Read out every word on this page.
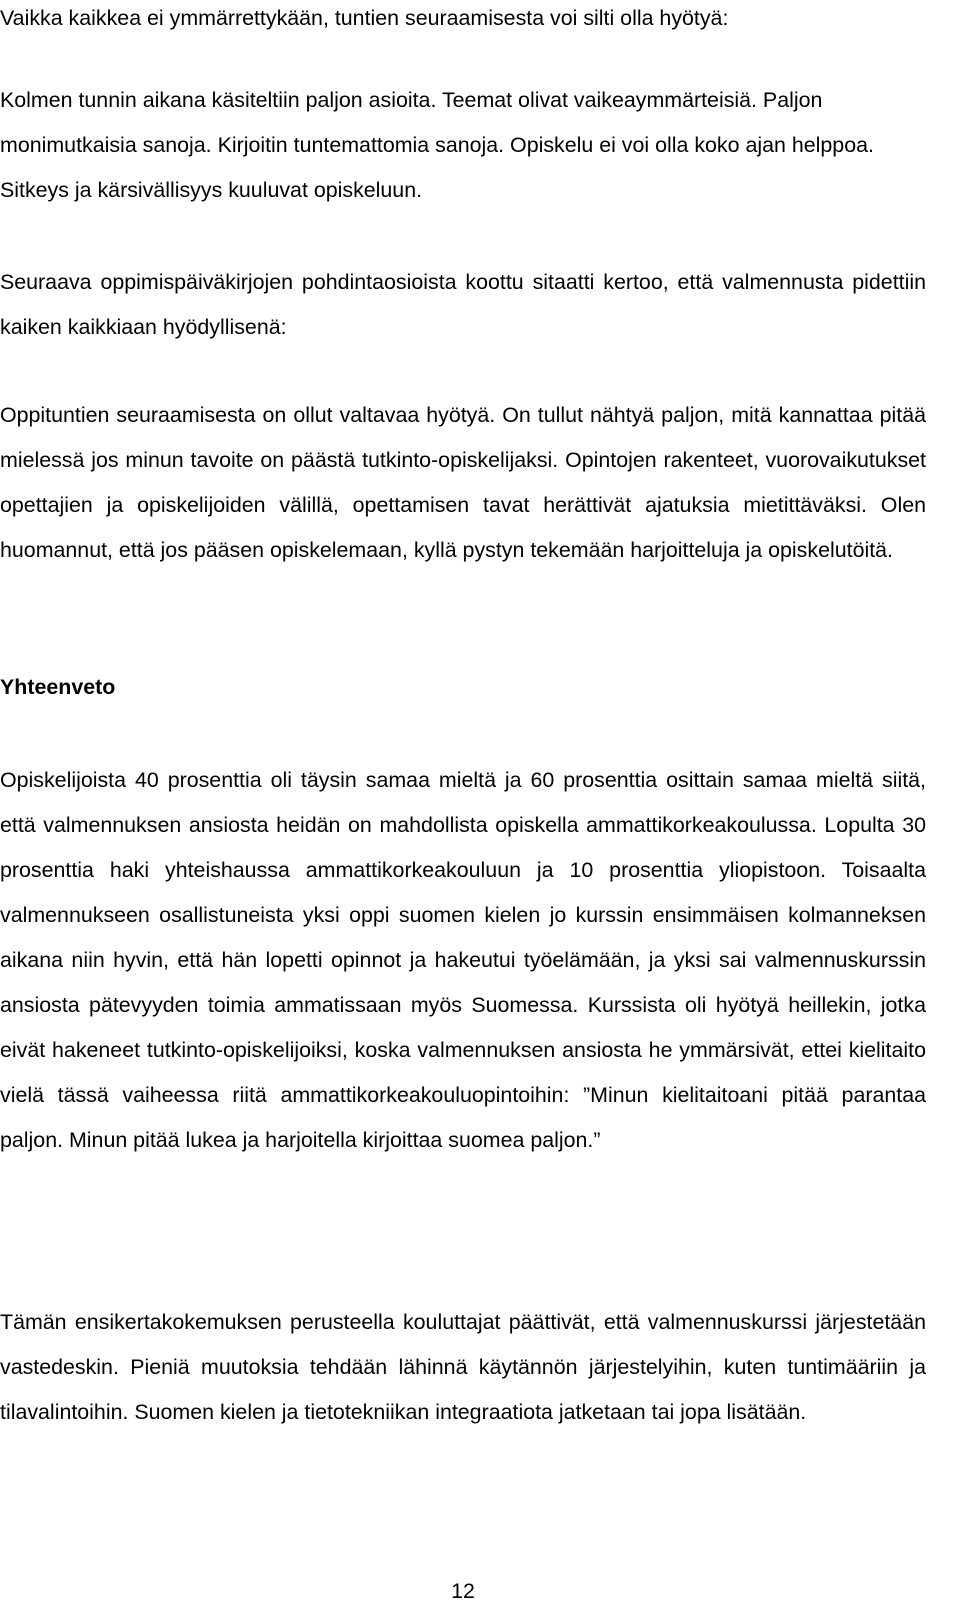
Vaikka kaikkea ei ymmärrettykään, tuntien seuraamisesta voi silti olla hyötyä:

Kolmen tunnin aikana käsiteltiin paljon asioita. Teemat olivat vaikeaymmärteisiä. Paljon monimutkaisia sanoja. Kirjoitin tuntemattomia sanoja. Opiskelu ei voi olla koko ajan helppoa. Sitkeys ja kärsivällisyys kuuluvat opiskeluun.

Seuraava oppimispäiväkirjojen pohdintaosioista koottu sitaatti kertoo, että valmennusta pidettiin kaiken kaikkiaan hyödyllisenä:

Oppituntien seuraamisesta on ollut valtavaa hyötyä. On tullut nähtyä paljon, mitä kannattaa pitää mielessä jos minun tavoite on päästä tutkinto-opiskelijaksi. Opintojen rakenteet, vuorovaikutukset opettajien ja opiskelijoiden välillä, opettamisen tavat herättivät ajatuksia mietittäväksi. Olen huomannut, että jos pääsen opiskelemaan, kyllä pystyn tekemään harjoitteluja ja opiskelutöitä.

Yhteenveto

Opiskelijoista 40 prosenttia oli täysin samaa mieltä ja 60 prosenttia osittain samaa mieltä siitä, että valmennuksen ansiosta heidän on mahdollista opiskella ammattikorkeakoulussa. Lopulta 30 prosenttia haki yhteishaussa ammattikorkeakouluun ja 10 prosenttia yliopistoon. Toisaalta valmennukseen osallistuneista yksi oppi suomen kielen jo kurssin ensimmäisen kolmanneksen aikana niin hyvin, että hän lopetti opinnot ja hakeutui työelämään, ja yksi sai valmennuskurssin ansiosta pätevyyden toimia ammatissaan myös Suomessa. Kurssista oli hyötyä heillekin, jotka eivät hakeneet tutkinto-opiskelijoiksi, koska valmennuksen ansiosta he ymmärsivät, ettei kielitaito vielä tässä vaiheessa riitä ammattikorkeakouluopintoihin: ”Minun kielitaitoani pitää parantaa paljon. Minun pitää lukea ja harjoitella kirjoittaa suomea paljon.”

Tämän ensikertakokemuksen perusteella kouluttajat päättivät, että valmennuskurssi järjestetään vastedeskin. Pieniä muutoksia tehdään lähinnä käytännön järjestelyihin, kuten tuntimääriin ja tilavalintoihin. Suomen kielen ja tietotekniikan integraatiota jatketaan tai jopa lisätään.

12
